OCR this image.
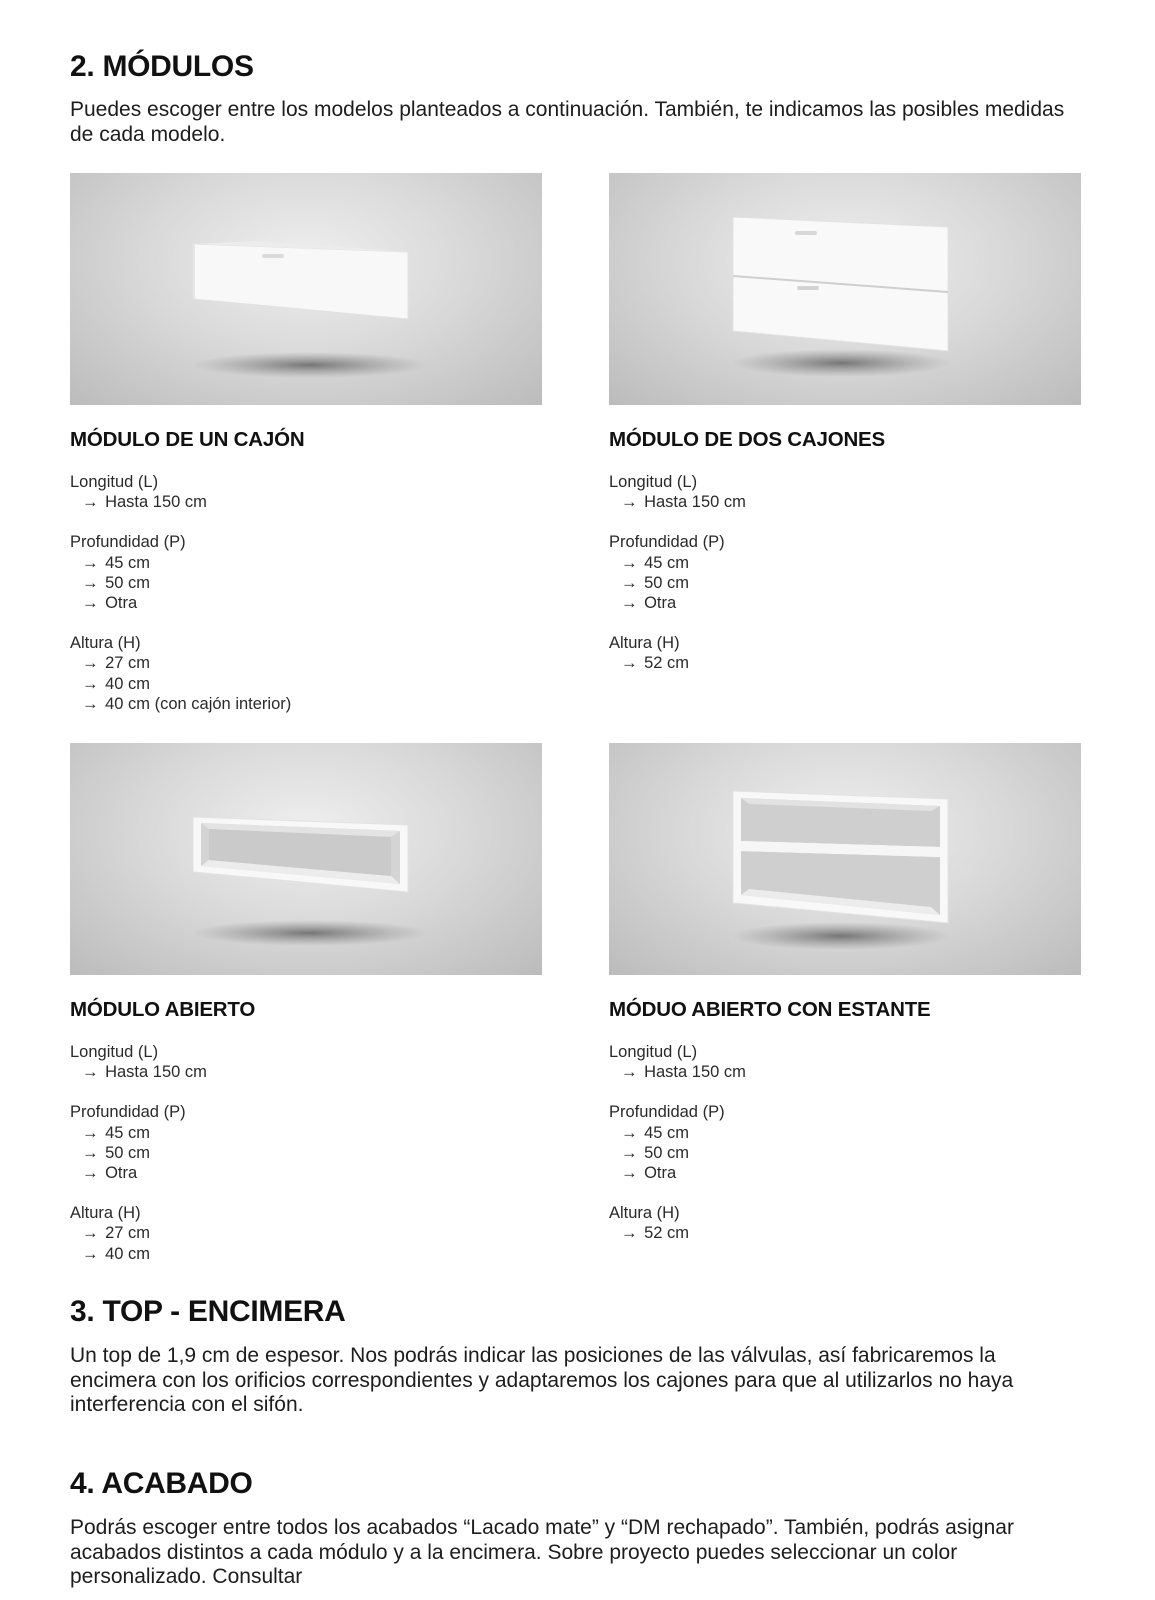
2. MÓDULOS

Puedes escoger entre los modelos planteados a continuación. También, te indicamos las posibles medidas de cada modelo.

MÓDULO DE UN CAJÓN
Longitud (L)
→ Hasta 150 cm
Profundidad (P)
→ 45 cm
→ 50 cm
→ Otra
Altura (H)
→ 27 cm
→ 40 cm
→ 40 cm (con cajón interior)
MÓDULO DE DOS CAJONES
Longitud (L)
→ Hasta 150 cm
Profundidad (P)
→ 45 cm
→ 50 cm
→ Otra
Altura (H)
→ 52 cm
MÓDULO ABIERTO
Longitud (L)
→ Hasta 150 cm
Profundidad (P)
→ 45 cm
→ 50 cm
→ Otra
Altura (H)
→ 27 cm
→ 40 cm
MÓDUO ABIERTO CON ESTANTE
Longitud (L)
→ Hasta 150 cm
Profundidad (P)
→ 45 cm
→ 50 cm
→ Otra
Altura (H)
→ 52 cm
3. TOP - ENCIMERA

Un top de 1,9 cm de espesor. Nos podrás indicar las posiciones de las válvulas, así fabricaremos la encimera con los orificios correspondientes y adaptaremos los cajones para que al utilizarlos no haya interferencia con el sifón.

4. ACABADO

Podrás escoger entre todos los acabados “Lacado mate” y “DM rechapado”. También, podrás asignar acabados distintos a cada módulo y a la encimera. Sobre proyecto puedes seleccionar un color personalizado. Consultar
